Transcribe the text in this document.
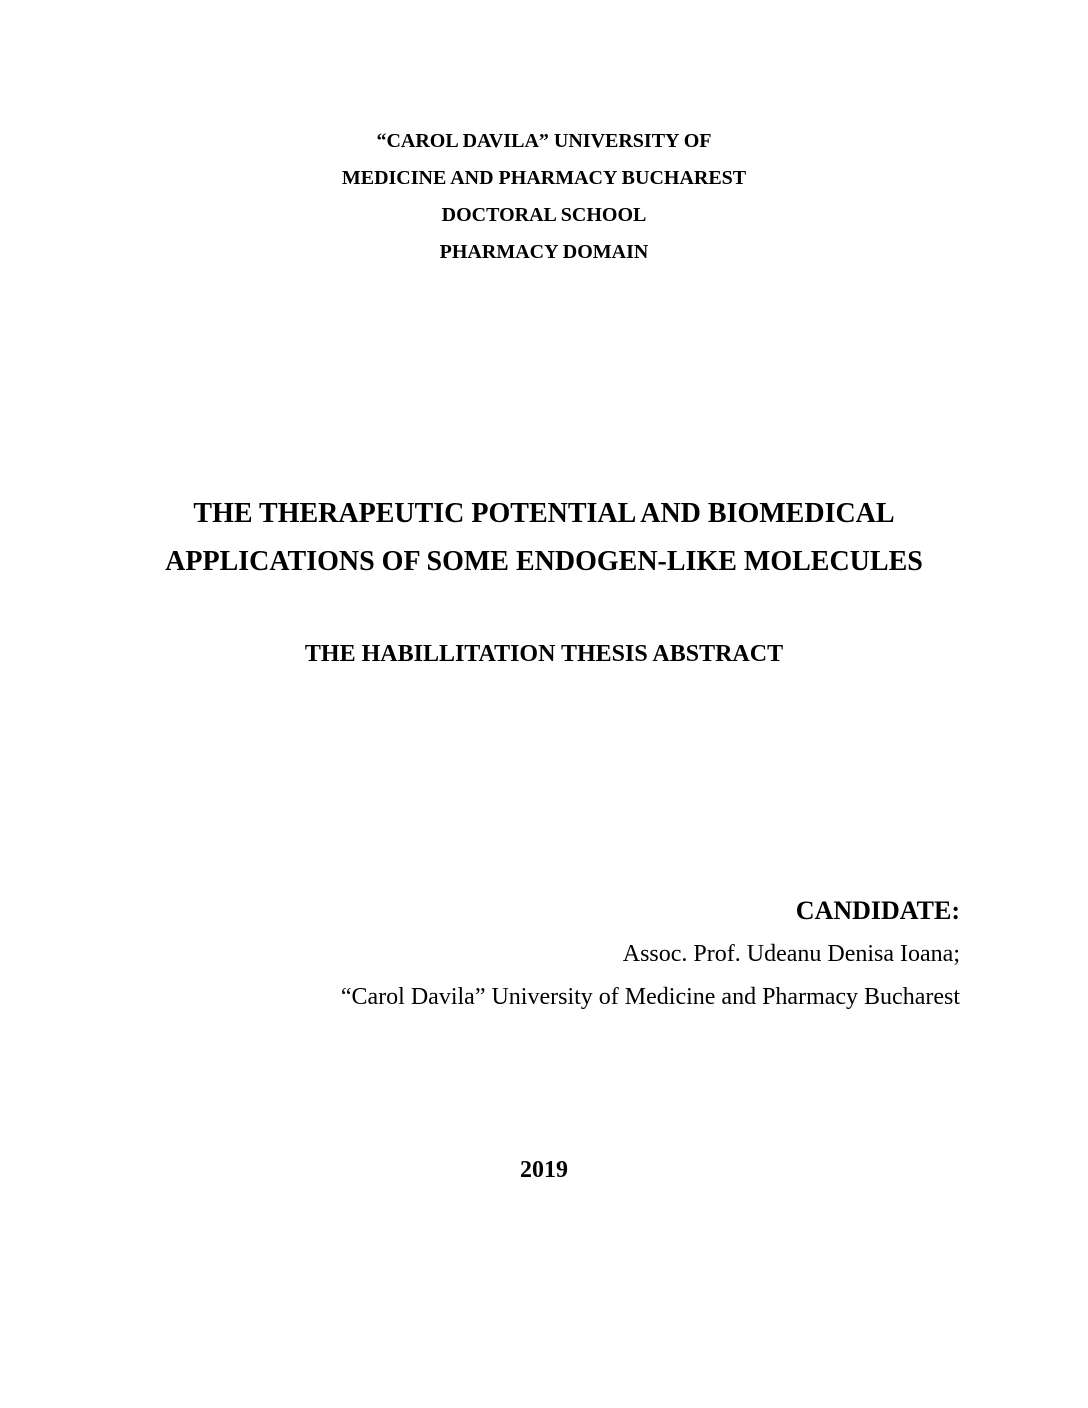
“CAROL DAVILA” UNIVERSITY OF
MEDICINE AND PHARMACY BUCHAREST
DOCTORAL SCHOOL
PHARMACY DOMAIN
THE THERAPEUTIC POTENTIAL AND BIOMEDICAL
APPLICATIONS OF SOME ENDOGEN-LIKE MOLECULES
THE HABILLITATION THESIS ABSTRACT
CANDIDATE:
Assoc. Prof. Udeanu Denisa Ioana;
“Carol Davila” University of Medicine and Pharmacy Bucharest
2019
